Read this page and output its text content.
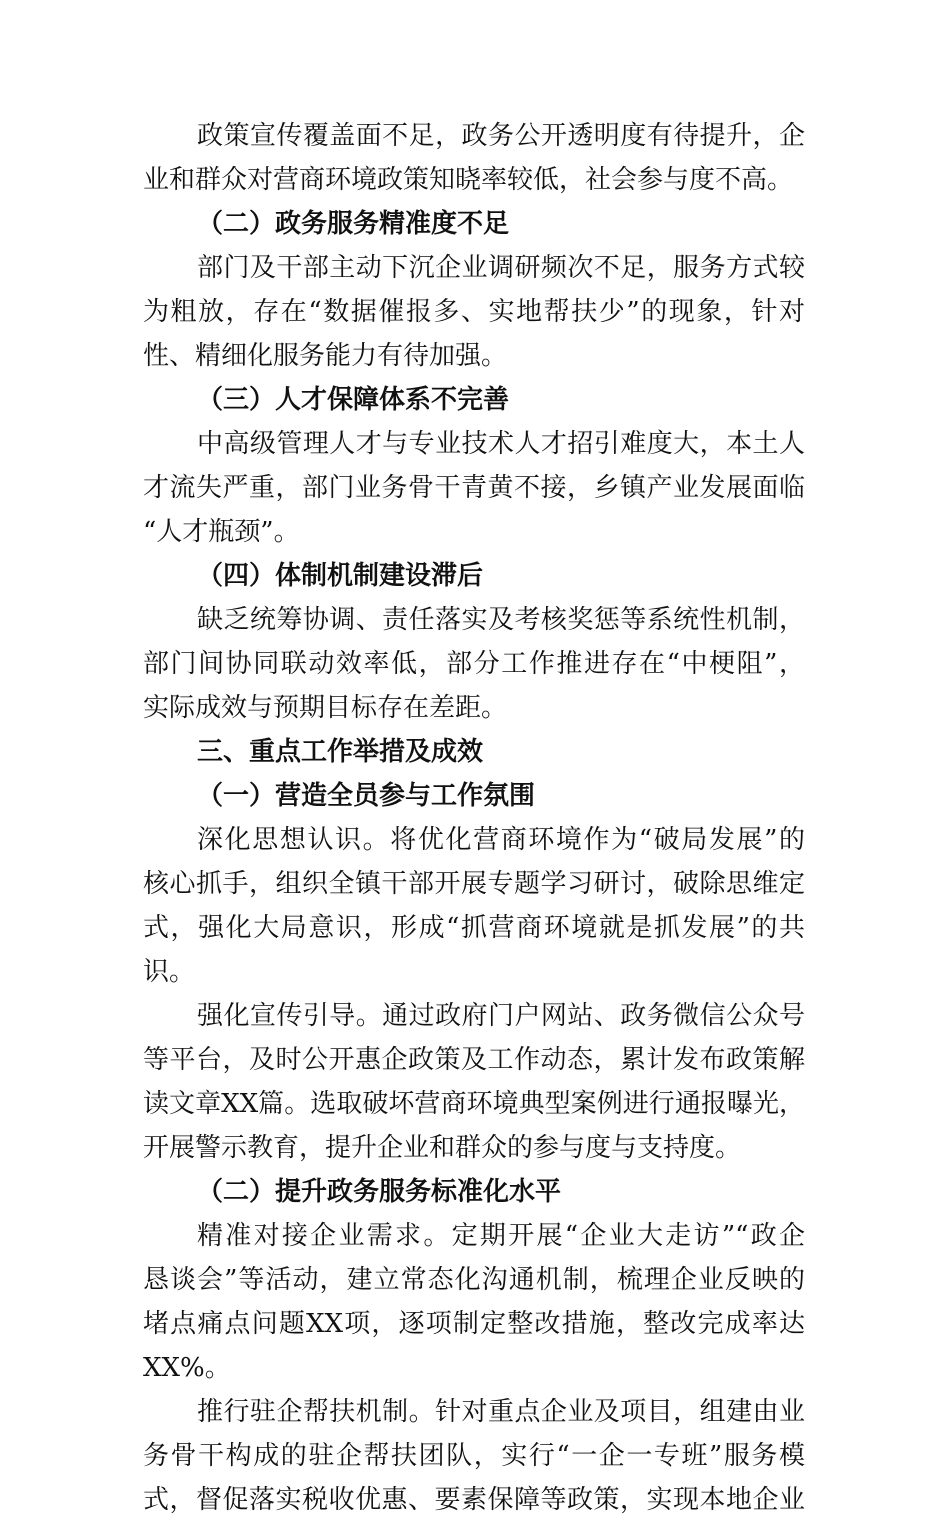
政策宣传覆盖面不足，政务公开透明度有待提升，企
业和群众对营商环境政策知晓率较低，社会参与度不高。
（二）政务服务精准度不足
部门及干部主动下沉企业调研频次不足，服务方式较
为粗放，存在“数据催报多、实地帮扶少”的现象，针对
性、精细化服务能力有待加强。
（三）人才保障体系不完善
中高级管理人才与专业技术人才招引难度大，本土人
才流失严重，部门业务骨干青黄不接，乡镇产业发展面临
“人才瓶颈”。
（四）体制机制建设滞后
缺乏统筹协调、责任落实及考核奖惩等系统性机制，
部门间协同联动效率低，部分工作推进存在“中梗阻”，
实际成效与预期目标存在差距。
三、重点工作举措及成效
（一）营造全员参与工作氛围
深化思想认识。将优化营商环境作为“破局发展”的
核心抓手，组织全镇干部开展专题学习研讨，破除思维定
式，强化大局意识，形成“抓营商环境就是抓发展”的共
识。
强化宣传引导。通过政府门户网站、政务微信公众号
等平台，及时公开惠企政策及工作动态，累计发布政策解
读文章XX篇。选取破坏营商环境典型案例进行通报曝光，
开展警示教育，提升企业和群众的参与度与支持度。
（二）提升政务服务标准化水平
精准对接企业需求。定期开展“企业大走访”“政企
恳谈会”等活动，建立常态化沟通机制，梳理企业反映的
堵点痛点问题XX项，逐项制定整改措施，整改完成率达
XX%。
推行驻企帮扶机制。针对重点企业及项目，组建由业
务骨干构成的驻企帮扶团队，实行“一企一专班”服务模
式，督促落实税收优惠、要素保障等政策，实现本地企业
